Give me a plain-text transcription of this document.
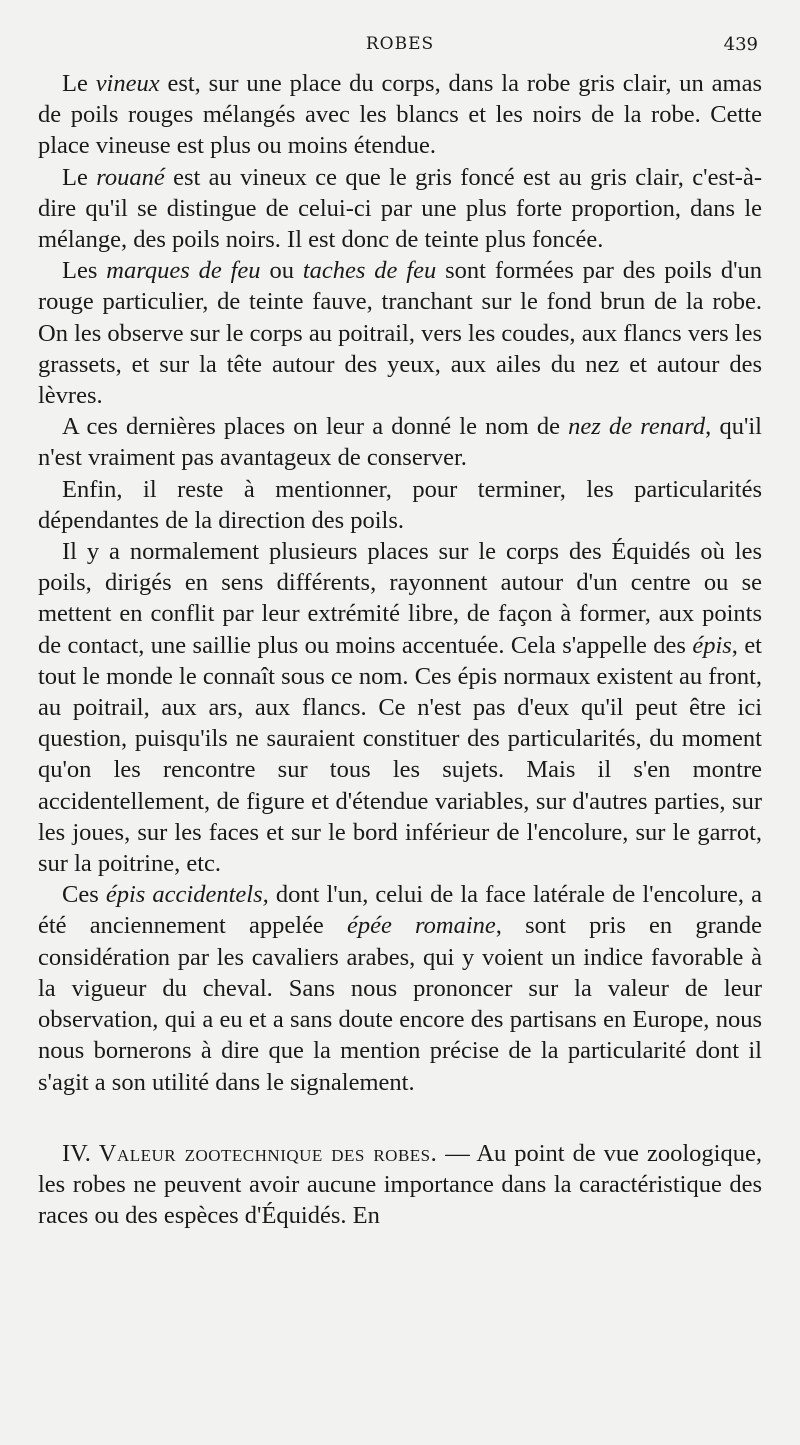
ROBES	439

Le vineux est, sur une place du corps, dans la robe gris clair, un amas de poils rouges mélangés avec les blancs et les noirs de la robe. Cette place vineuse est plus ou moins étendue.

Le rouané est au vineux ce que le gris foncé est au gris clair, c'est-à-dire qu'il se distingue de celui-ci par une plus forte proportion, dans le mélange, des poils noirs. Il est donc de teinte plus foncée.

Les marques de feu ou taches de feu sont formées par des poils d'un rouge particulier, de teinte fauve, tranchant sur le fond brun de la robe. On les observe sur le corps au poitrail, vers les coudes, aux flancs vers les grassets, et sur la tête autour des yeux, aux ailes du nez et autour des lèvres.

A ces dernières places on leur a donné le nom de nez de renard, qu'il n'est vraiment pas avantageux de conserver.

Enfin, il reste à mentionner, pour terminer, les particularités dépendantes de la direction des poils.

Il y a normalement plusieurs places sur le corps des Équidés où les poils, dirigés en sens différents, rayonnent autour d'un centre ou se mettent en conflit par leur extrémité libre, de façon à former, aux points de contact, une saillie plus ou moins accentuée. Cela s'appelle des épis, et tout le monde le connaît sous ce nom. Ces épis normaux existent au front, au poitrail, aux ars, aux flancs. Ce n'est pas d'eux qu'il peut être ici question, puisqu'ils ne sauraient constituer des particularités, du moment qu'on les rencontre sur tous les sujets. Mais il s'en montre accidentellement, de figure et d'étendue variables, sur d'autres parties, sur les joues, sur les faces et sur le bord inférieur de l'encolure, sur le garrot, sur la poitrine, etc.

Ces épis accidentels, dont l'un, celui de la face latérale de l'encolure, a été anciennement appelée épée romaine, sont pris en grande considération par les cavaliers arabes, qui y voient un indice favorable à la vigueur du cheval. Sans nous prononcer sur la valeur de leur observation, qui a eu et a sans doute encore des partisans en Europe, nous nous bornerons à dire que la mention précise de la particularité dont il s'agit a son utilité dans le signalement.

IV. Valeur zootechnique des robes. — Au point de vue zoologique, les robes ne peuvent avoir aucune importance dans la caractéristique des races ou des espèces d'Équidés. En
